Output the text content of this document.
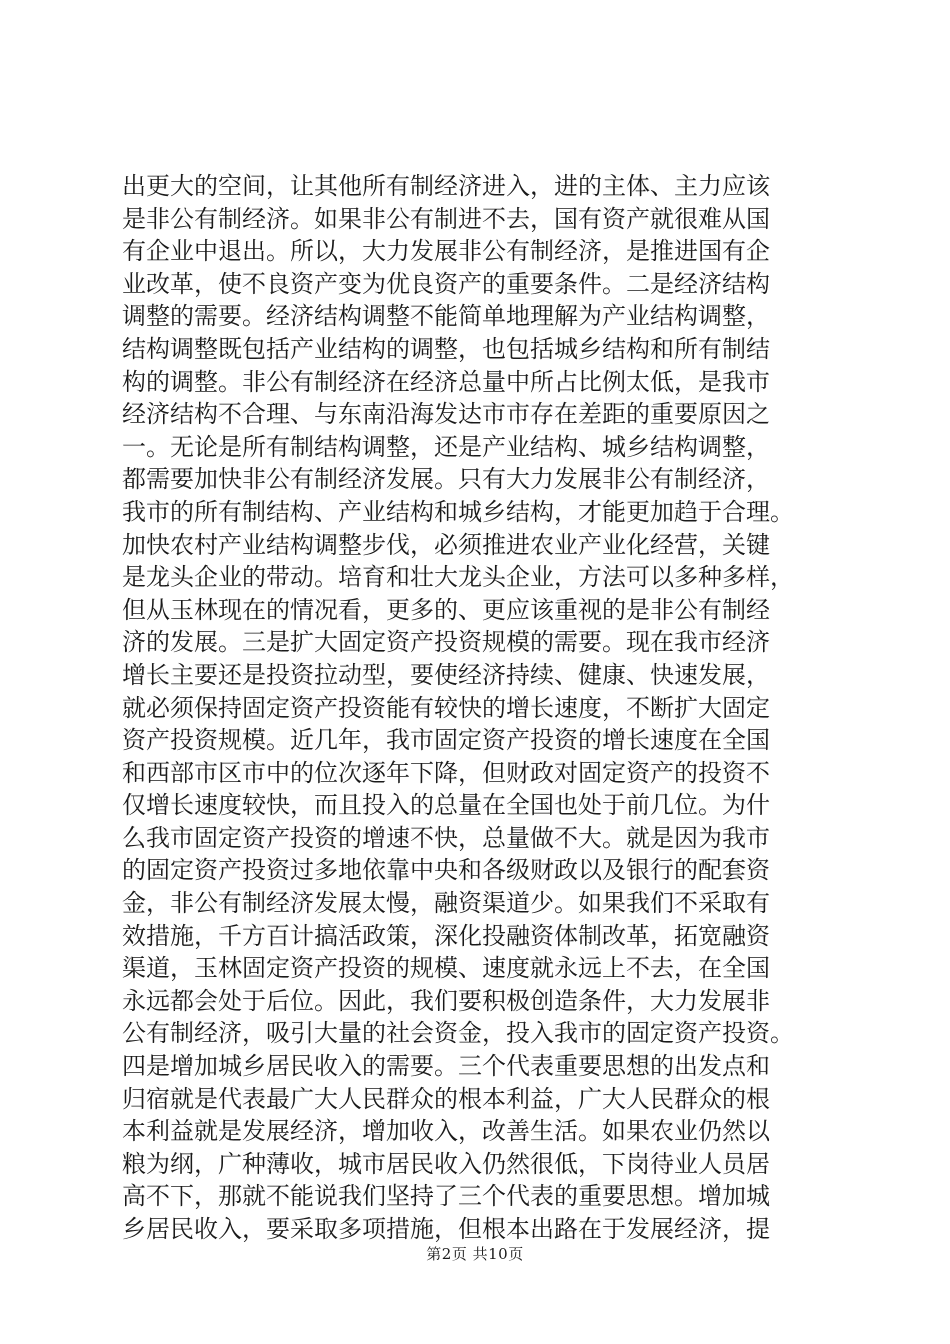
出更大的空间，让其他所有制经济进入，进的主体、主力应该
是非公有制经济。如果非公有制进不去，国有资产就很难从国
有企业中退出。所以，大力发展非公有制经济，是推进国有企
业改革，使不良资产变为优良资产的重要条件。二是经济结构
调整的需要。经济结构调整不能简单地理解为产业结构调整，
结构调整既包括产业结构的调整，也包括城乡结构和所有制结
构的调整。非公有制经济在经济总量中所占比例太低，是我市
经济结构不合理、与东南沿海发达市市存在差距的重要原因之
一。无论是所有制结构调整，还是产业结构、城乡结构调整，
都需要加快非公有制经济发展。只有大力发展非公有制经济，
我市的所有制结构、产业结构和城乡结构，才能更加趋于合理。
加快农村产业结构调整步伐，必须推进农业产业化经营，关键
是龙头企业的带动。培育和壮大龙头企业，方法可以多种多样，
但从玉林现在的情况看，更多的、更应该重视的是非公有制经
济的发展。三是扩大固定资产投资规模的需要。现在我市经济
增长主要还是投资拉动型，要使经济持续、健康、快速发展，
就必须保持固定资产投资能有较快的增长速度，不断扩大固定
资产投资规模。近几年，我市固定资产投资的增长速度在全国
和西部市区市中的位次逐年下降，但财政对固定资产的投资不
仅增长速度较快，而且投入的总量在全国也处于前几位。为什
么我市固定资产投资的增速不快，总量做不大。就是因为我市
的固定资产投资过多地依靠中央和各级财政以及银行的配套资
金，非公有制经济发展太慢，融资渠道少。如果我们不采取有
效措施，千方百计搞活政策，深化投融资体制改革，拓宽融资
渠道，玉林固定资产投资的规模、速度就永远上不去，在全国
永远都会处于后位。因此，我们要积极创造条件，大力发展非
公有制经济，吸引大量的社会资金，投入我市的固定资产投资。
四是增加城乡居民收入的需要。三个代表重要思想的出发点和
归宿就是代表最广大人民群众的根本利益，广大人民群众的根
本利益就是发展经济，增加收入，改善生活。如果农业仍然以
粮为纲，广种薄收，城市居民收入仍然很低，下岗待业人员居
高不下，那就不能说我们坚持了三个代表的重要思想。增加城
乡居民收入，要采取多项措施，但根本出路在于发展经济，提
第2页 共10页
